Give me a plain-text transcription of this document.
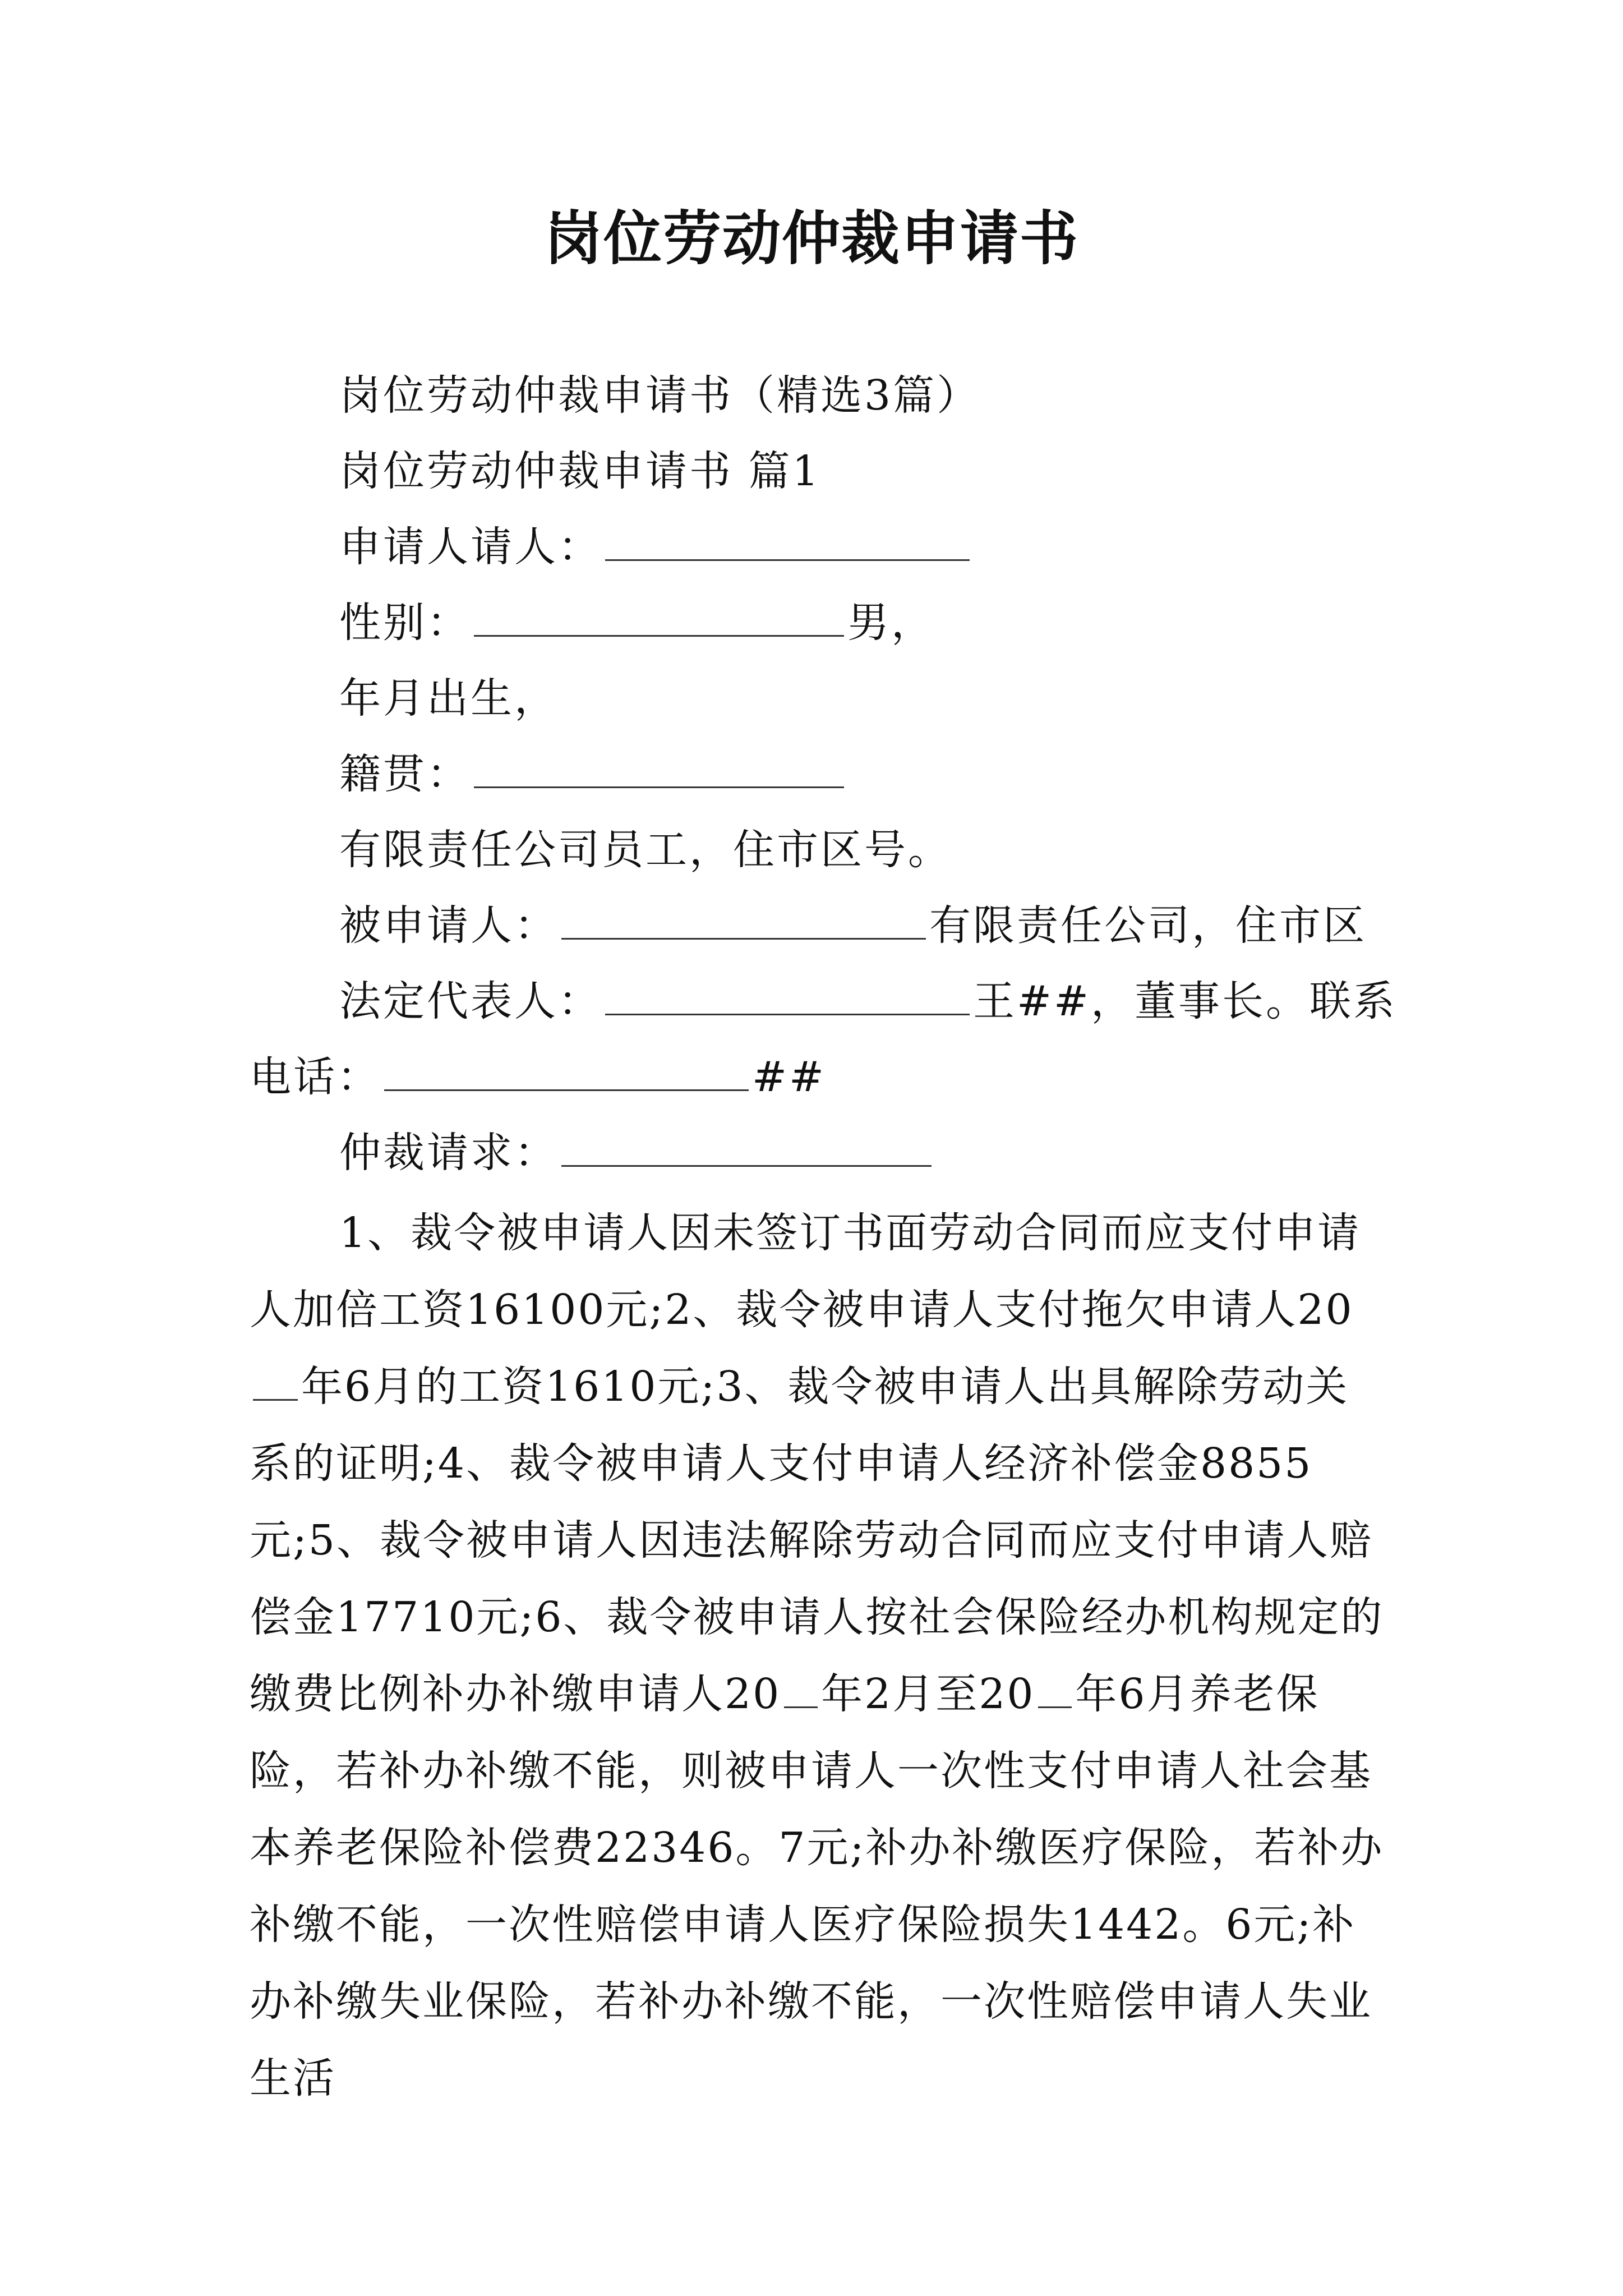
岗位劳动仲裁申请书
岗位劳动仲裁申请书（精选3篇）
岗位劳动仲裁申请书 篇1
申请人请人：
性别：	男，
年月出生，
籍贯：
有限责任公司员工，住市区号。
被申请人：	有限责任公司，住市区
法定代表人：	王##，董事长。联系
电话：	##
仲裁请求：
1、裁令被申请人因未签订书面劳动合同而应支付申请人加倍工资16100元;2、裁令被申请人支付拖欠申请人20年6月的工资1610元;3、裁令被申请人出具解除劳动关系的证明;4、裁令被申请人支付申请人经济补偿金8855元;5、裁令被申请人因违法解除劳动合同而应支付申请人赔偿金17710元;6、裁令被申请人按社会保险经办机构规定的缴费比例补办补缴申请人20 年2月至20 年6月养老保险，若补办补缴不能，则被申请人一次性支付申请人社会基本养老保险补偿费22346。7元;补办补缴医疗保险，若补办补缴不能，一次性赔偿申请人医疗保险损失1442。6元;补办补缴失业保险，若补办补缴不能，一次性赔偿申请人失业生活
